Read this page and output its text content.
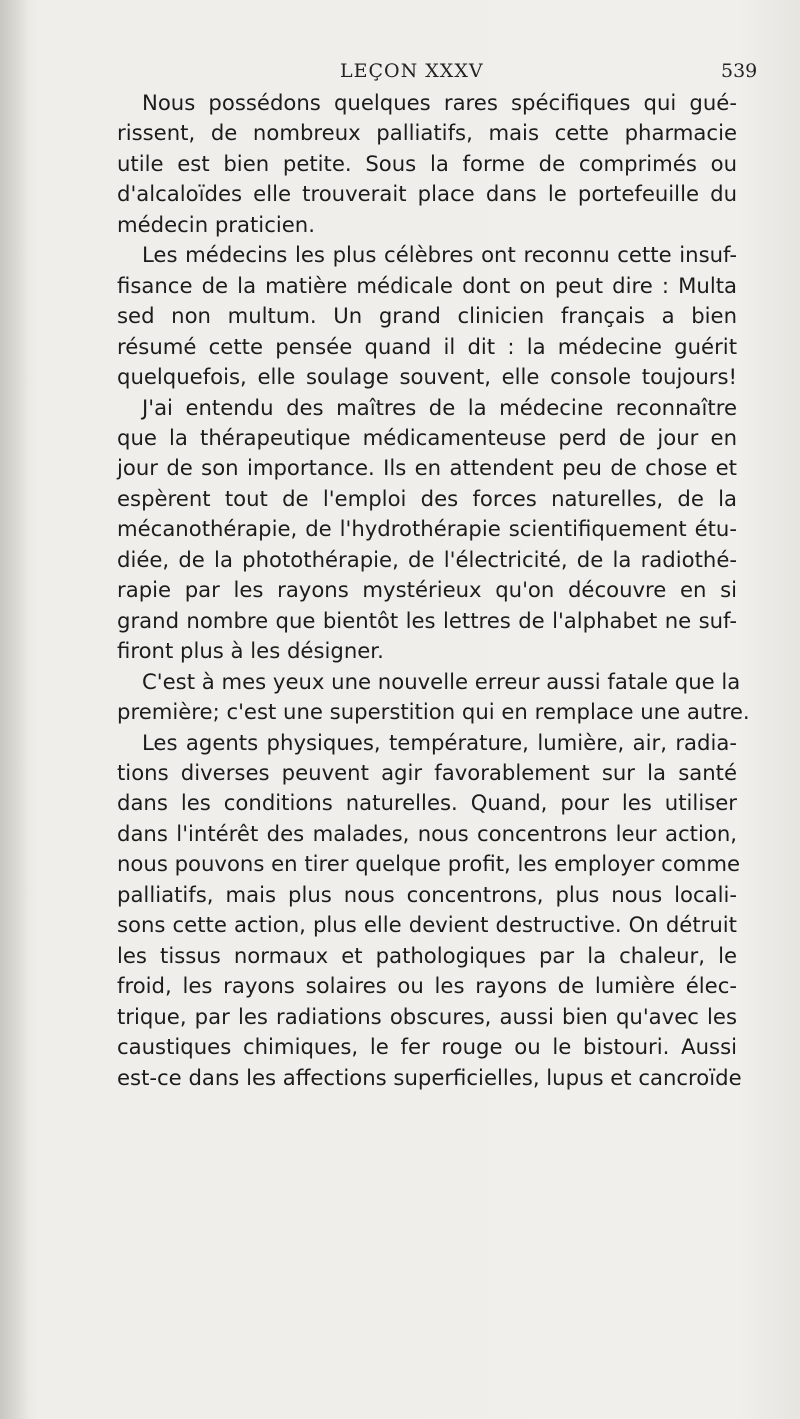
LEÇON XXXV	539

Nous possédons quelques rares spécifiques qui gué-
rissent, de nombreux palliatifs, mais cette pharmacie
utile est bien petite. Sous la forme de comprimés ou
d'alcaloïdes elle trouverait place dans le portefeuille du
médecin praticien.

Les médecins les plus célèbres ont reconnu cette insuf-
fisance de la matière médicale dont on peut dire : Multa
sed non multum. Un grand clinicien français a bien
résumé cette pensée quand il dit : la médecine guérit
quelquefois, elle soulage souvent, elle console toujours!

J'ai entendu des maîtres de la médecine reconnaître
que la thérapeutique médicamenteuse perd de jour en
jour de son importance. Ils en attendent peu de chose et
espèrent tout de l'emploi des forces naturelles, de la
mécanothérapie, de l'hydrothérapie scientifiquement étu-
diée, de la photothérapie, de l'électricité, de la radiothé-
rapie par les rayons mystérieux qu'on découvre en si
grand nombre que bientôt les lettres de l'alphabet ne suf-
firont plus à les désigner.

C'est à mes yeux une nouvelle erreur aussi fatale que la
première; c'est une superstition qui en remplace une autre.

Les agents physiques, température, lumière, air, radia-
tions diverses peuvent agir favorablement sur la santé
dans les conditions naturelles. Quand, pour les utiliser
dans l'intérêt des malades, nous concentrons leur action,
nous pouvons en tirer quelque profit, les employer comme
palliatifs, mais plus nous concentrons, plus nous locali-
sons cette action, plus elle devient destructive. On détruit
les tissus normaux et pathologiques par la chaleur, le
froid, les rayons solaires ou les rayons de lumière élec-
trique, par les radiations obscures, aussi bien qu'avec les
caustiques chimiques, le fer rouge ou le bistouri. Aussi
est-ce dans les affections superficielles, lupus et cancroïde
